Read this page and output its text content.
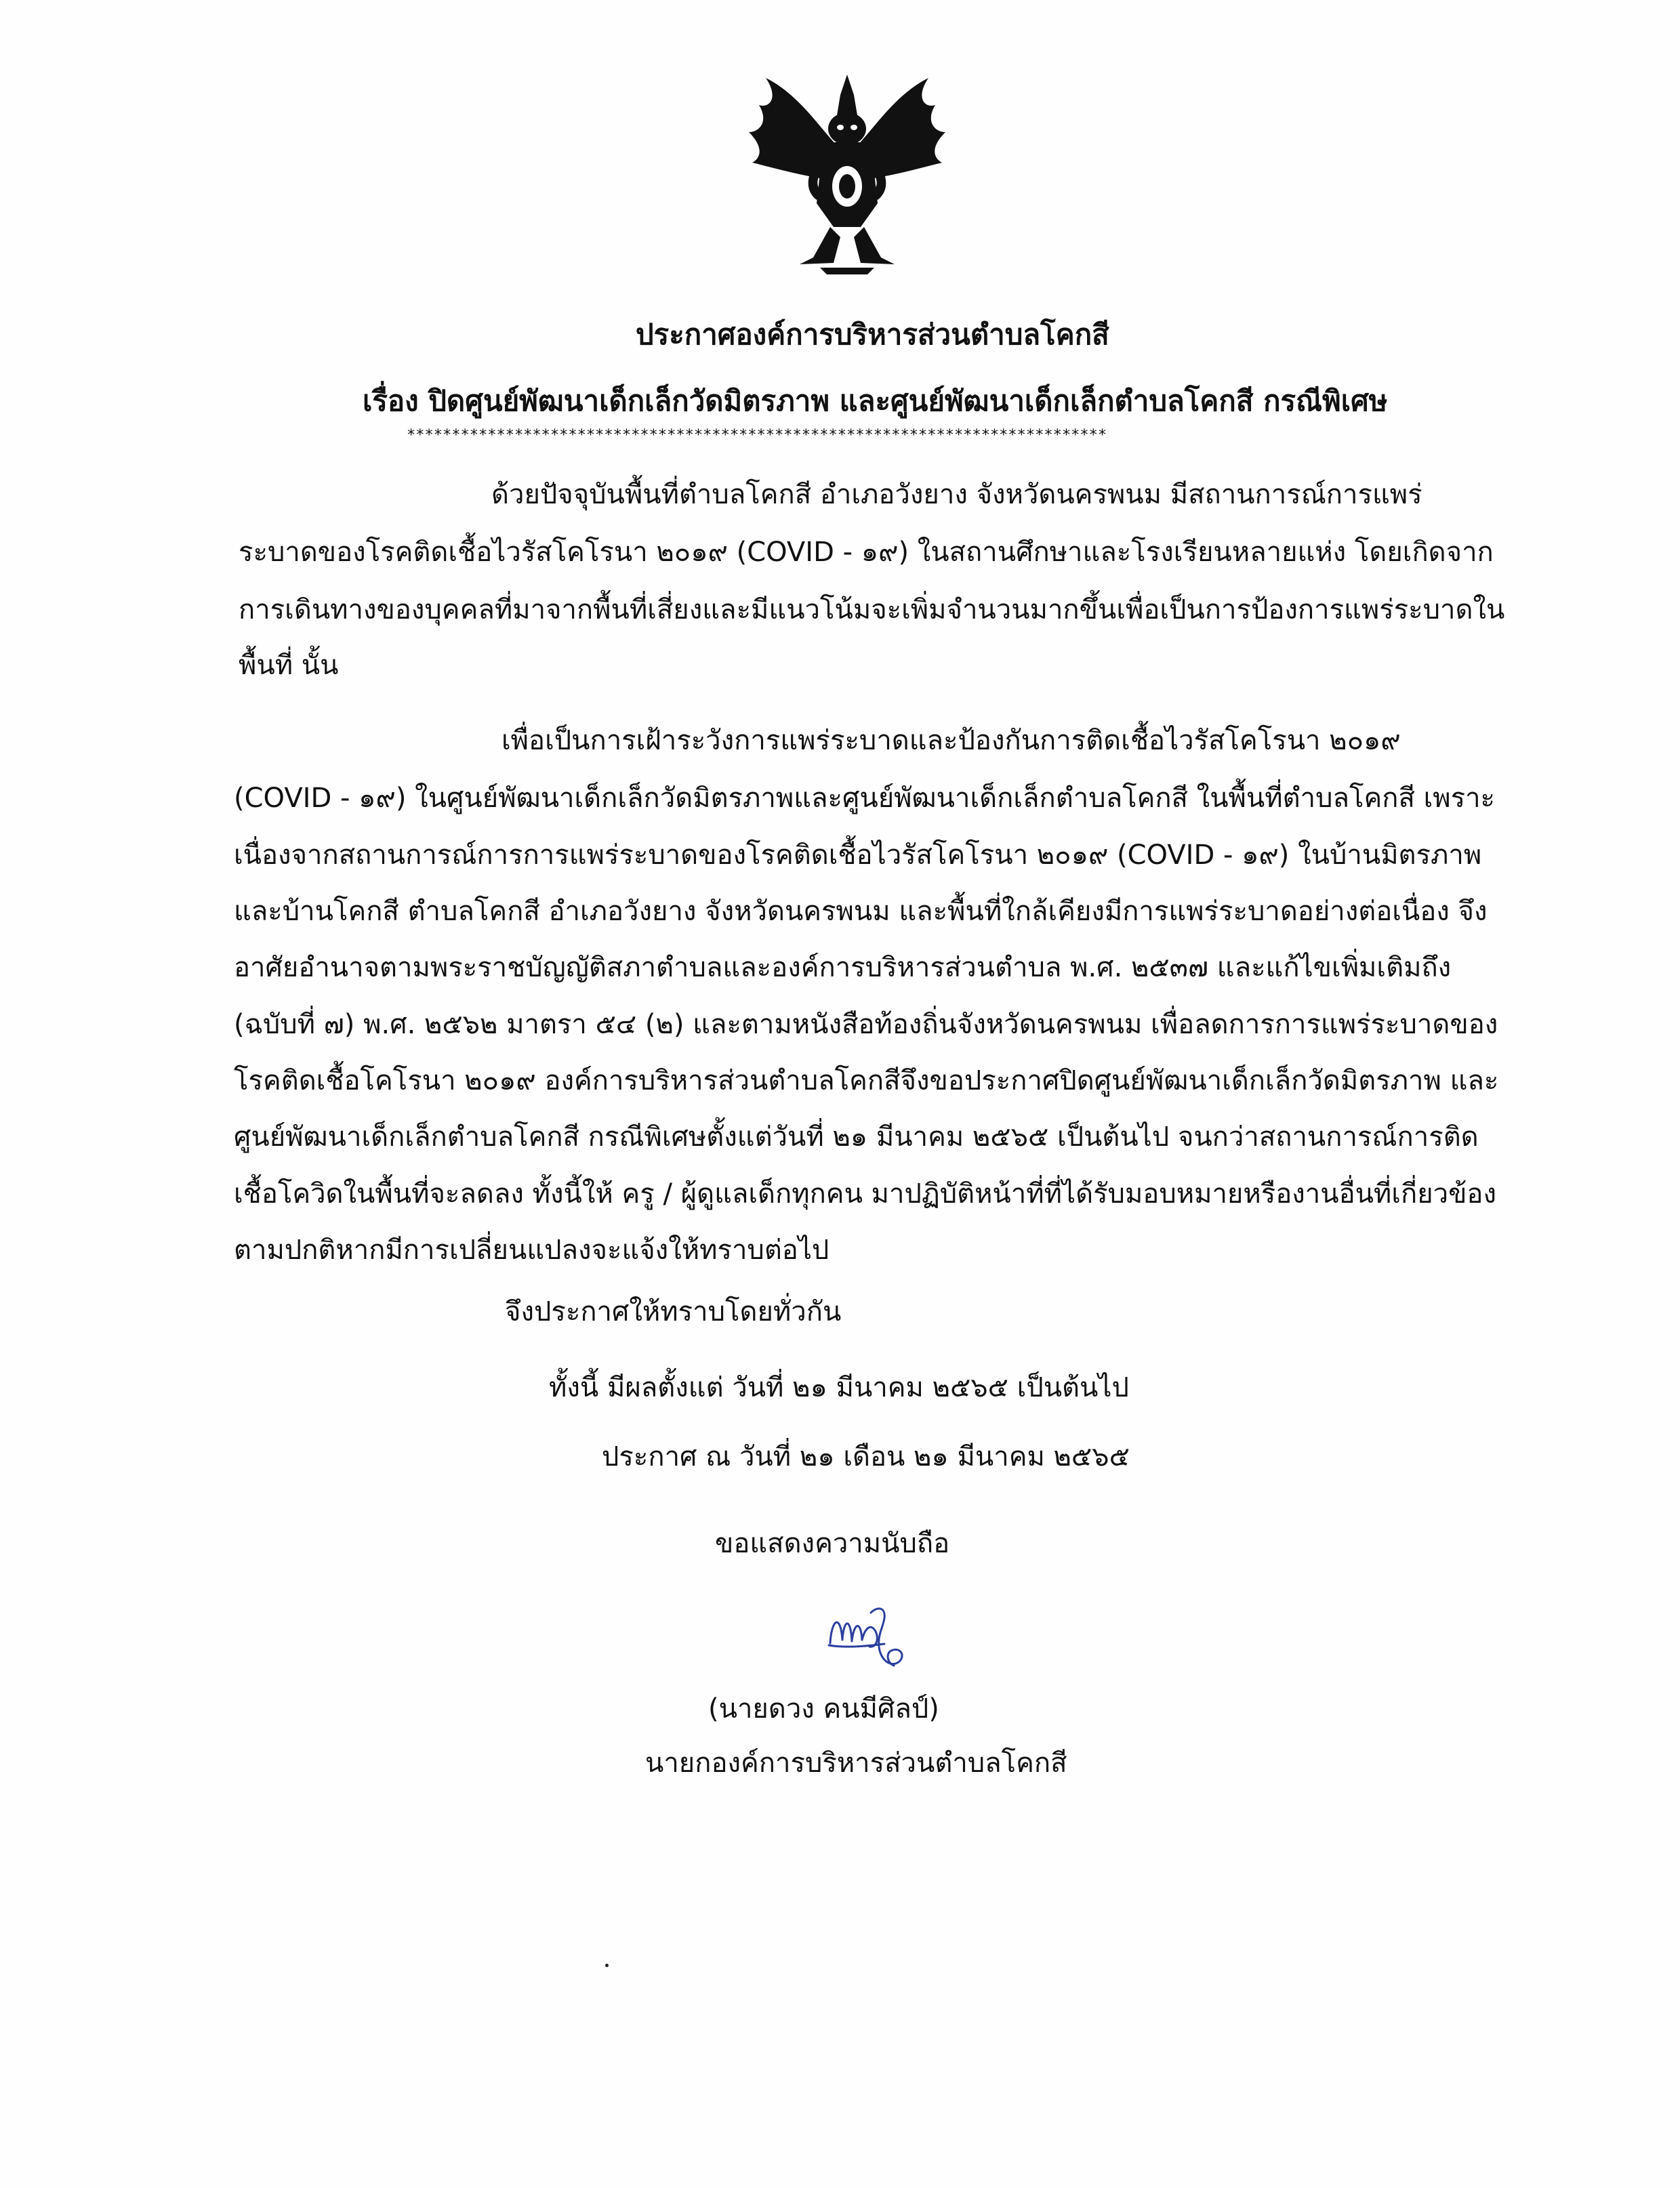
ประกาศองค์การบริหารส่วนตำบลโคกสี
เรื่อง ปิดศูนย์พัฒนาเด็กเล็กวัดมิตรภาพ และศูนย์พัฒนาเด็กเล็กตำบลโคกสี กรณีพิเศษ
******************************************************************************
ด้วยปัจจุบันพื้นที่ตำบลโคกสี อำเภอวังยาง จังหวัดนครพนม มีสถานการณ์การแพร่
ระบาดของโรคติดเชื้อไวรัสโคโรนา ๒๐๑๙ (COVID - ๑๙) ในสถานศึกษาและโรงเรียนหลายแห่ง โดยเกิดจาก
การเดินทางของบุคคลที่มาจากพื้นที่เสี่ยงและมีแนวโน้มจะเพิ่มจำนวนมากขึ้นเพื่อเป็นการป้องการแพร่ระบาดใน
พื้นที่ นั้น
เพื่อเป็นการเฝ้าระวังการแพร่ระบาดและป้องกันการติดเชื้อไวรัสโคโรนา ๒๐๑๙
(COVID - ๑๙) ในศูนย์พัฒนาเด็กเล็กวัดมิตรภาพและศูนย์พัฒนาเด็กเล็กตำบลโคกสี ในพื้นที่ตำบลโคกสี เพราะ
เนื่องจากสถานการณ์การการแพร่ระบาดของโรคติดเชื้อไวรัสโคโรนา ๒๐๑๙ (COVID - ๑๙) ในบ้านมิตรภาพ
และบ้านโคกสี ตำบลโคกสี อำเภอวังยาง จังหวัดนครพนม และพื้นที่ใกล้เคียงมีการแพร่ระบาดอย่างต่อเนื่อง จึง
อาศัยอำนาจตามพระราชบัญญัติสภาตำบลและองค์การบริหารส่วนตำบล พ.ศ. ๒๕๓๗ และแก้ไขเพิ่มเติมถึง
(ฉบับที่ ๗) พ.ศ. ๒๕๖๒ มาตรา ๕๔ (๒) และตามหนังสือท้องถิ่นจังหวัดนครพนม เพื่อลดการการแพร่ระบาดของ
โรคติดเชื้อโคโรนา ๒๐๑๙ องค์การบริหารส่วนตำบลโคกสีจึงขอประกาศปิดศูนย์พัฒนาเด็กเล็กวัดมิตรภาพ และ
ศูนย์พัฒนาเด็กเล็กตำบลโคกสี กรณีพิเศษตั้งแต่วันที่ ๒๑ มีนาคม ๒๕๖๕ เป็นต้นไป จนกว่าสถานการณ์การติด
เชื้อโควิดในพื้นที่จะลดลง ทั้งนี้ให้ ครู / ผู้ดูแลเด็กทุกคน มาปฏิบัติหน้าที่ที่ได้รับมอบหมายหรืองานอื่นที่เกี่ยวข้อง
ตามปกติหากมีการเปลี่ยนแปลงจะแจ้งให้ทราบต่อไป
จึงประกาศให้ทราบโดยทั่วกัน
ทั้งนี้ มีผลตั้งแต่ วันที่ ๒๑ มีนาคม ๒๕๖๕ เป็นต้นไป
ประกาศ ณ วันที่ ๒๑ เดือน ๒๑ มีนาคม ๒๕๖๕
ขอแสดงความนับถือ
(นายดวง คนมีศิลป์)
นายกองค์การบริหารส่วนตำบลโคกสี
